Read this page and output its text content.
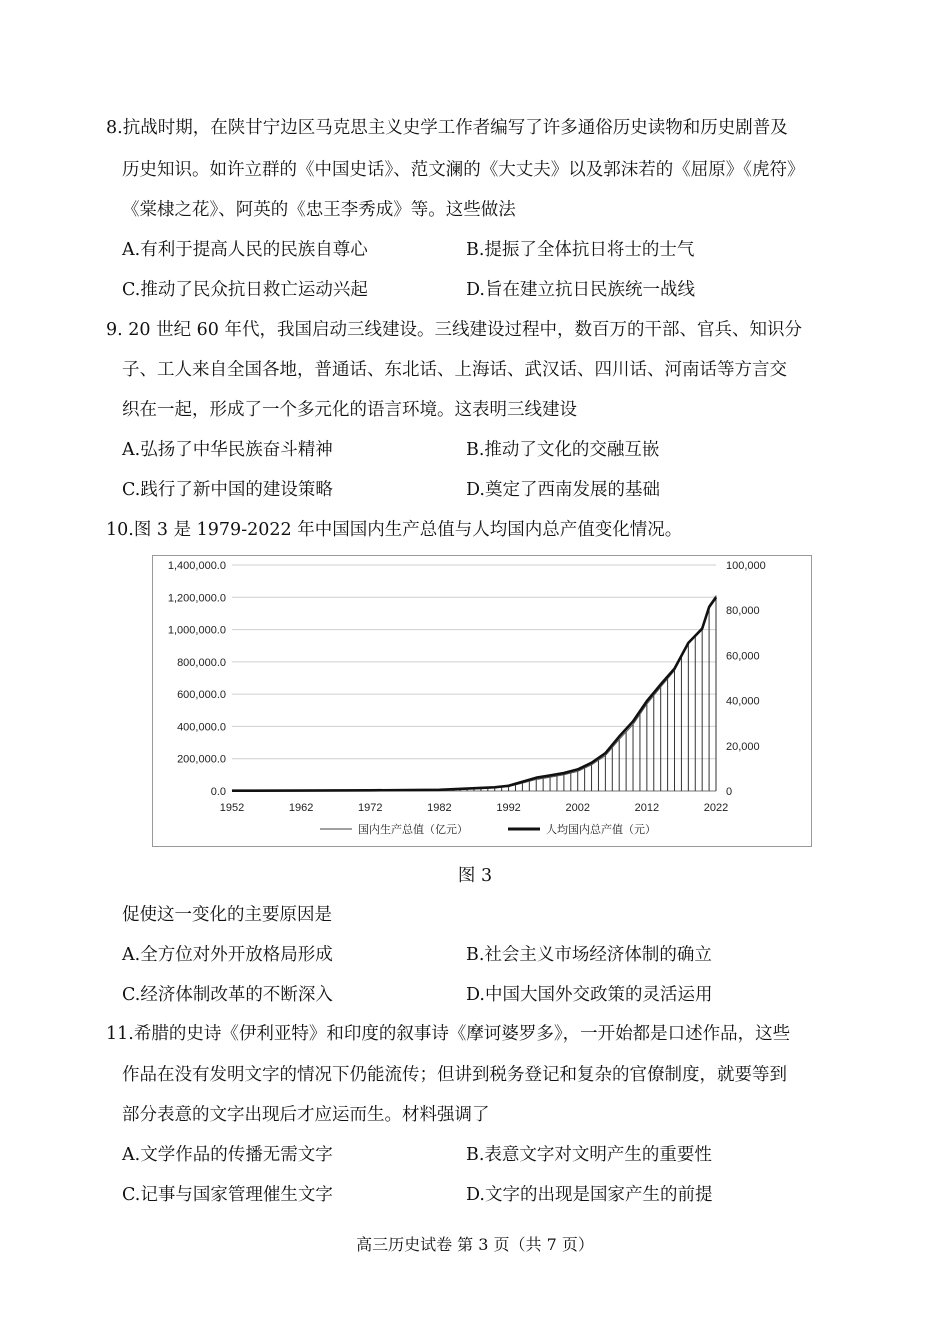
8.抗战时期，在陕甘宁边区马克思主义史学工作者编写了许多通俗历史读物和历史剧普及
历史知识。如许立群的《中国史话》、范文澜的《大丈夫》以及郭沫若的《屈原》《虎符》
《棠棣之花》、阿英的《忠王李秀成》等。这些做法
A.有利于提高人民的民族自尊心	B.提振了全体抗日将士的士气
C.推动了民众抗日救亡运动兴起	D.旨在建立抗日民族统一战线
9. 20 世纪 60 年代，我国启动三线建设。三线建设过程中，数百万的干部、官兵、知识分
子、工人来自全国各地，普通话、东北话、上海话、武汉话、四川话、河南话等方言交
织在一起，形成了一个多元化的语言环境。这表明三线建设
A.弘扬了中华民族奋斗精神	B.推动了文化的交融互嵌
C.践行了新中国的建设策略	D.奠定了西南发展的基础
10.图 3 是 1979-2022 年中国国内生产总值与人均国内总产值变化情况。
0.0
200,000.0
400,000.0
600,000.0
800,000.0
1,000,000.0
1,200,000.0
1,400,000.0
0
20,000
40,000
60,000
80,000
100,000
1952	1962	1972	1982	1992	2002	2012	2022
国内生产总值（亿元）	人均国内总产值（元）
图 3
促使这一变化的主要原因是
A.全方位对外开放格局形成	B.社会主义市场经济体制的确立
C.经济体制改革的不断深入	D.中国大国外交政策的灵活运用
11.希腊的史诗《伊利亚特》和印度的叙事诗《摩诃婆罗多》，一开始都是口述作品，这些
作品在没有发明文字的情况下仍能流传；但讲到税务登记和复杂的官僚制度，就要等到
部分表意的文字出现后才应运而生。材料强调了
A.文学作品的传播无需文字	B.表意文字对文明产生的重要性
C.记事与国家管理催生文字	D.文字的出现是国家产生的前提
高三历史试卷 第 3 页（共 7 页）
